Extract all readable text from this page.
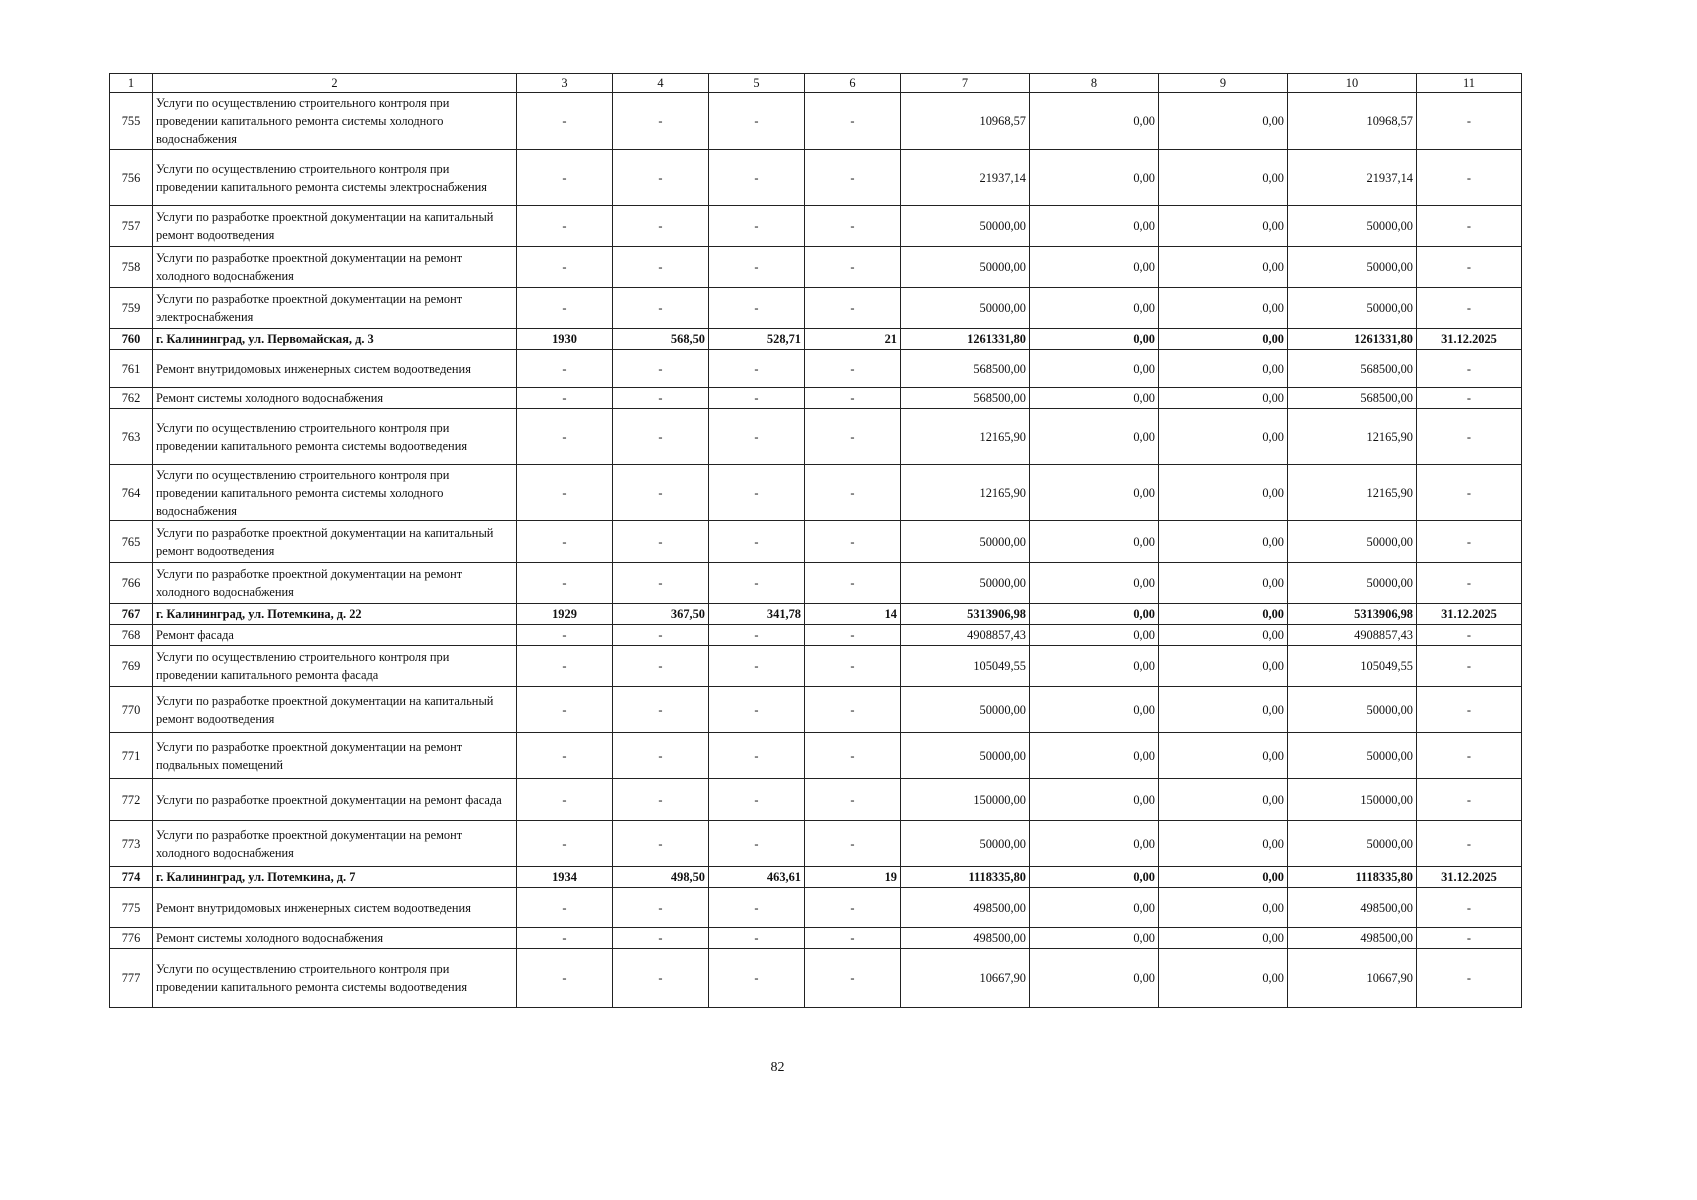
1	2	3	4	5	6	7	8	9	10	11
755	Услуги по осуществлению строительного контроля при проведении капитального ремонта системы холодного водоснабжения	-	-	-	-	10968,57	0,00	0,00	10968,57	-
756	Услуги по осуществлению строительного контроля при проведении капитального ремонта системы электроснабжения	-	-	-	-	21937,14	0,00	0,00	21937,14	-
757	Услуги по разработке проектной документации на капитальный ремонт водоотведения	-	-	-	-	50000,00	0,00	0,00	50000,00	-
758	Услуги по разработке проектной документации на ремонт холодного водоснабжения	-	-	-	-	50000,00	0,00	0,00	50000,00	-
759	Услуги по разработке проектной документации на ремонт электроснабжения	-	-	-	-	50000,00	0,00	0,00	50000,00	-
760	г. Калининград, ул. Первомайская, д. 3	1930	568,50	528,71	21	1261331,80	0,00	0,00	1261331,80	31.12.2025
761	Ремонт внутридомовых инженерных систем водоотведения	-	-	-	-	568500,00	0,00	0,00	568500,00	-
762	Ремонт системы холодного водоснабжения	-	-	-	-	568500,00	0,00	0,00	568500,00	-
763	Услуги по осуществлению строительного контроля при проведении капитального ремонта системы водоотведения	-	-	-	-	12165,90	0,00	0,00	12165,90	-
764	Услуги по осуществлению строительного контроля при проведении капитального ремонта системы холодного водоснабжения	-	-	-	-	12165,90	0,00	0,00	12165,90	-
765	Услуги по разработке проектной документации на капитальный ремонт водоотведения	-	-	-	-	50000,00	0,00	0,00	50000,00	-
766	Услуги по разработке проектной документации на ремонт холодного водоснабжения	-	-	-	-	50000,00	0,00	0,00	50000,00	-
767	г. Калининград, ул. Потемкина, д. 22	1929	367,50	341,78	14	5313906,98	0,00	0,00	5313906,98	31.12.2025
768	Ремонт фасада	-	-	-	-	4908857,43	0,00	0,00	4908857,43	-
769	Услуги по осуществлению строительного контроля при проведении капитального ремонта фасада	-	-	-	-	105049,55	0,00	0,00	105049,55	-
770	Услуги по разработке проектной документации на капитальный ремонт водоотведения	-	-	-	-	50000,00	0,00	0,00	50000,00	-
771	Услуги по разработке проектной документации на ремонт подвальных помещений	-	-	-	-	50000,00	0,00	0,00	50000,00	-
772	Услуги по разработке проектной документации на ремонт фасада	-	-	-	-	150000,00	0,00	0,00	150000,00	-
773	Услуги по разработке проектной документации на ремонт холодного водоснабжения	-	-	-	-	50000,00	0,00	0,00	50000,00	-
774	г. Калининград, ул. Потемкина, д. 7	1934	498,50	463,61	19	1118335,80	0,00	0,00	1118335,80	31.12.2025
775	Ремонт внутридомовых инженерных систем водоотведения	-	-	-	-	498500,00	0,00	0,00	498500,00	-
776	Ремонт системы холодного водоснабжения	-	-	-	-	498500,00	0,00	0,00	498500,00	-
777	Услуги по осуществлению строительного контроля при проведении капитального ремонта системы водоотведения	-	-	-	-	10667,90	0,00	0,00	10667,90	-
82
